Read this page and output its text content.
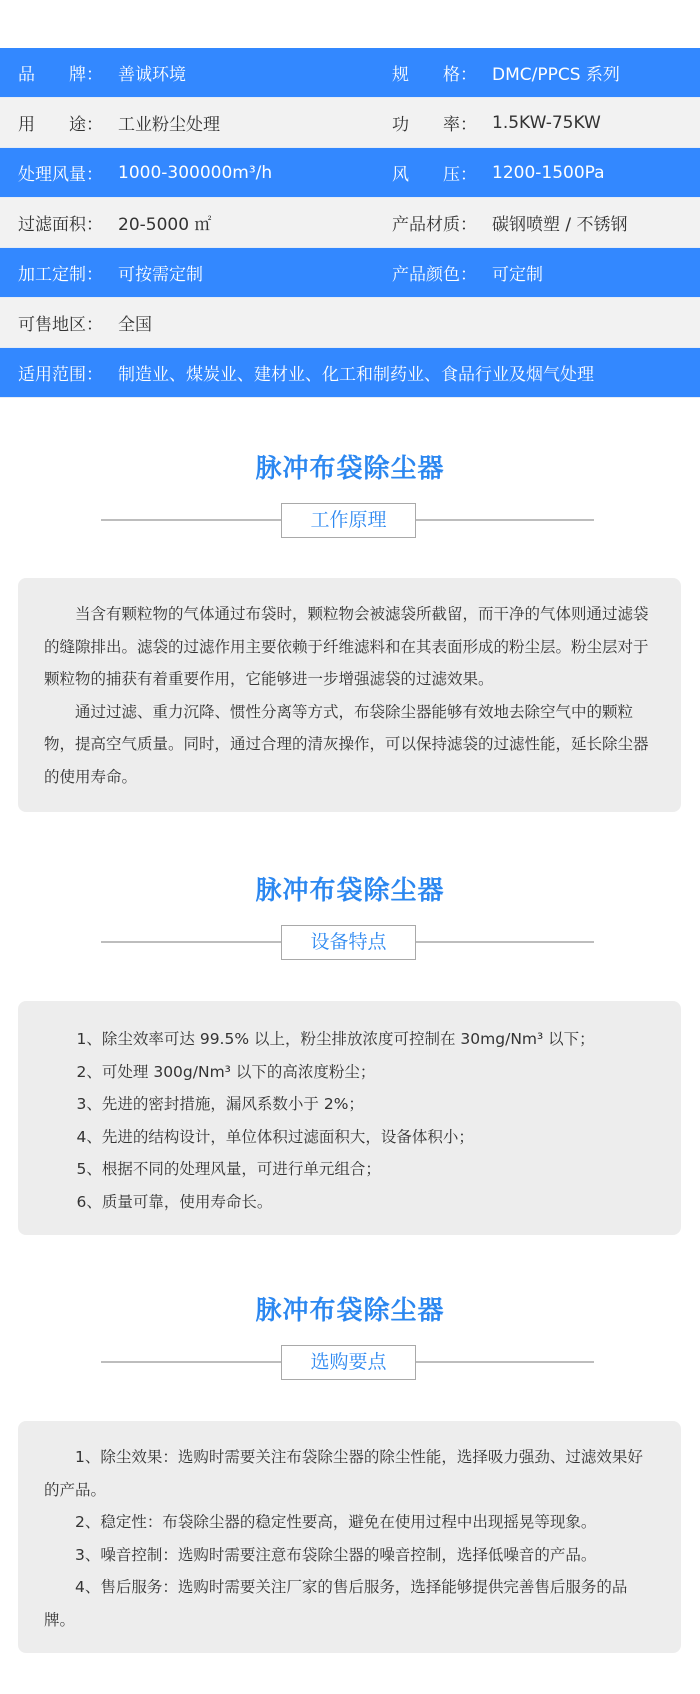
品　　牌： 善诚环境	规　　格： DMC/PPCS 系列
用　　途： 工业粉尘处理	功　　率： 1.5KW-75KW
处理风量： 1000-300000m³/h	风　　压： 1200-1500Pa
过滤面积： 20-5000 ㎡	产品材质： 碳钢喷塑 / 不锈钢
加工定制： 可按需定制	产品颜色： 可定制
可售地区： 全国
适用范围： 制造业、煤炭业、建材业、化工和制药业、食品行业及烟气处理
脉冲布袋除尘器
工作原理

当含有颗粒物的气体通过布袋时，颗粒物会被滤袋所截留，而干净的气体则通过滤袋的缝隙排出。滤袋的过滤作用主要依赖于纤维滤料和在其表面形成的粉尘层。粉尘层对于颗粒物的捕获有着重要作用，它能够进一步增强滤袋的过滤效果。

通过过滤、重力沉降、惯性分离等方式，布袋除尘器能够有效地去除空气中的颗粒物，提高空气质量。同时，通过合理的清灰操作，可以保持滤袋的过滤性能，延长除尘器的使用寿命。

脉冲布袋除尘器
设备特点

1、除尘效率可达 99.5% 以上，粉尘排放浓度可控制在 30mg/Nm³ 以下；

2、可处理 300g/Nm³ 以下的高浓度粉尘；

3、先进的密封措施，漏风系数小于 2%；

4、先进的结构设计，单位体积过滤面积大，设备体积小；

5、根据不同的处理风量，可进行单元组合；

6、质量可靠，使用寿命长。

脉冲布袋除尘器
选购要点

1、除尘效果：选购时需要关注布袋除尘器的除尘性能，选择吸力强劲、过滤效果好的产品。

2、稳定性：布袋除尘器的稳定性要高，避免在使用过程中出现摇晃等现象。

3、噪音控制：选购时需要注意布袋除尘器的噪音控制，选择低噪音的产品。

4、售后服务：选购时需要关注厂家的售后服务，选择能够提供完善售后服务的品牌。
